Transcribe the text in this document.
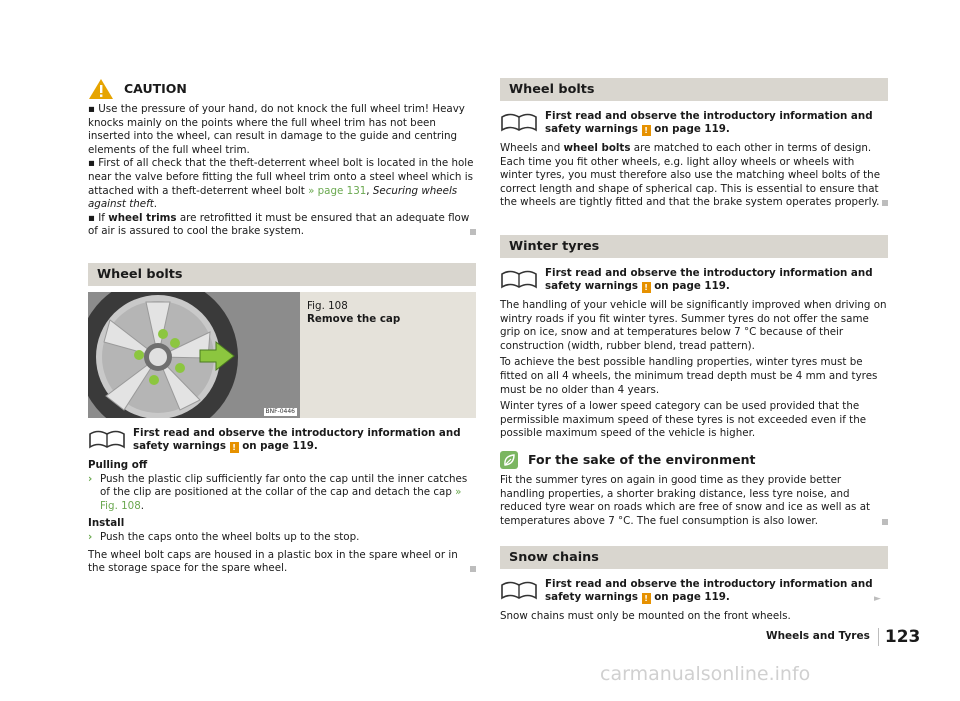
CAUTION

▪ Use the pressure of your hand, do not knock the full wheel trim! Heavy knocks mainly on the points where the full wheel trim has not been inserted into the wheel, can result in damage to the guide and centring elements of the full wheel trim.

▪ First of all check that the theft-deterrent wheel bolt is located in the hole near the valve before fitting the full wheel trim onto a steel wheel which is attached with a theft-deterrent wheel bolt » page 131, Securing wheels against theft.

▪ If wheel trims are retrofitted it must be ensured that an adequate flow of air is assured to cool the brake system.

Wheel bolts
BNF-0446
Fig. 108
Remove the cap
First read and observe the introductory information and safety warnings ! on page 119.

Pulling off

› Push the plastic clip sufficiently far onto the cap until the inner catches of the clip are positioned at the collar of the cap and detach the cap » Fig. 108.

Install

› Push the caps onto the wheel bolts up to the stop.

The wheel bolt caps are housed in a plastic box in the spare wheel or in the storage space for the spare wheel.

Wheel bolts
First read and observe the introductory information and safety warnings ! on page 119.

Wheels and wheel bolts are matched to each other in terms of design. Each time you fit other wheels, e.g. light alloy wheels or wheels with winter tyres, you must therefore also use the matching wheel bolts of the correct length and shape of spherical cap. This is essential to ensure that the wheels are tightly fitted and that the brake system operates properly.

Winter tyres
First read and observe the introductory information and safety warnings ! on page 119.

The handling of your vehicle will be significantly improved when driving on wintry roads if you fit winter tyres. Summer tyres do not offer the same grip on ice, snow and at temperatures below 7 °C because of their construction (width, rubber blend, tread pattern).

To achieve the best possible handling properties, winter tyres must be fitted on all 4 wheels, the minimum tread depth must be 4 mm and tyres must be no older than 4 years.

Winter tyres of a lower speed category can be used provided that the permissible maximum speed of these tyres is not exceeded even if the possible maximum speed of the vehicle is higher.

For the sake of the environment

Fit the summer tyres on again in good time as they provide better handling properties, a shorter braking distance, less tyre noise, and reduced tyre wear on roads which are free of snow and ice as well as at temperatures above 7 °C. The fuel consumption is also lower.

Snow chains
First read and observe the introductory information and safety warnings ! on page 119.

Snow chains must only be mounted on the front wheels.

►
Wheels and Tyres 123
carmanualsonline.info
